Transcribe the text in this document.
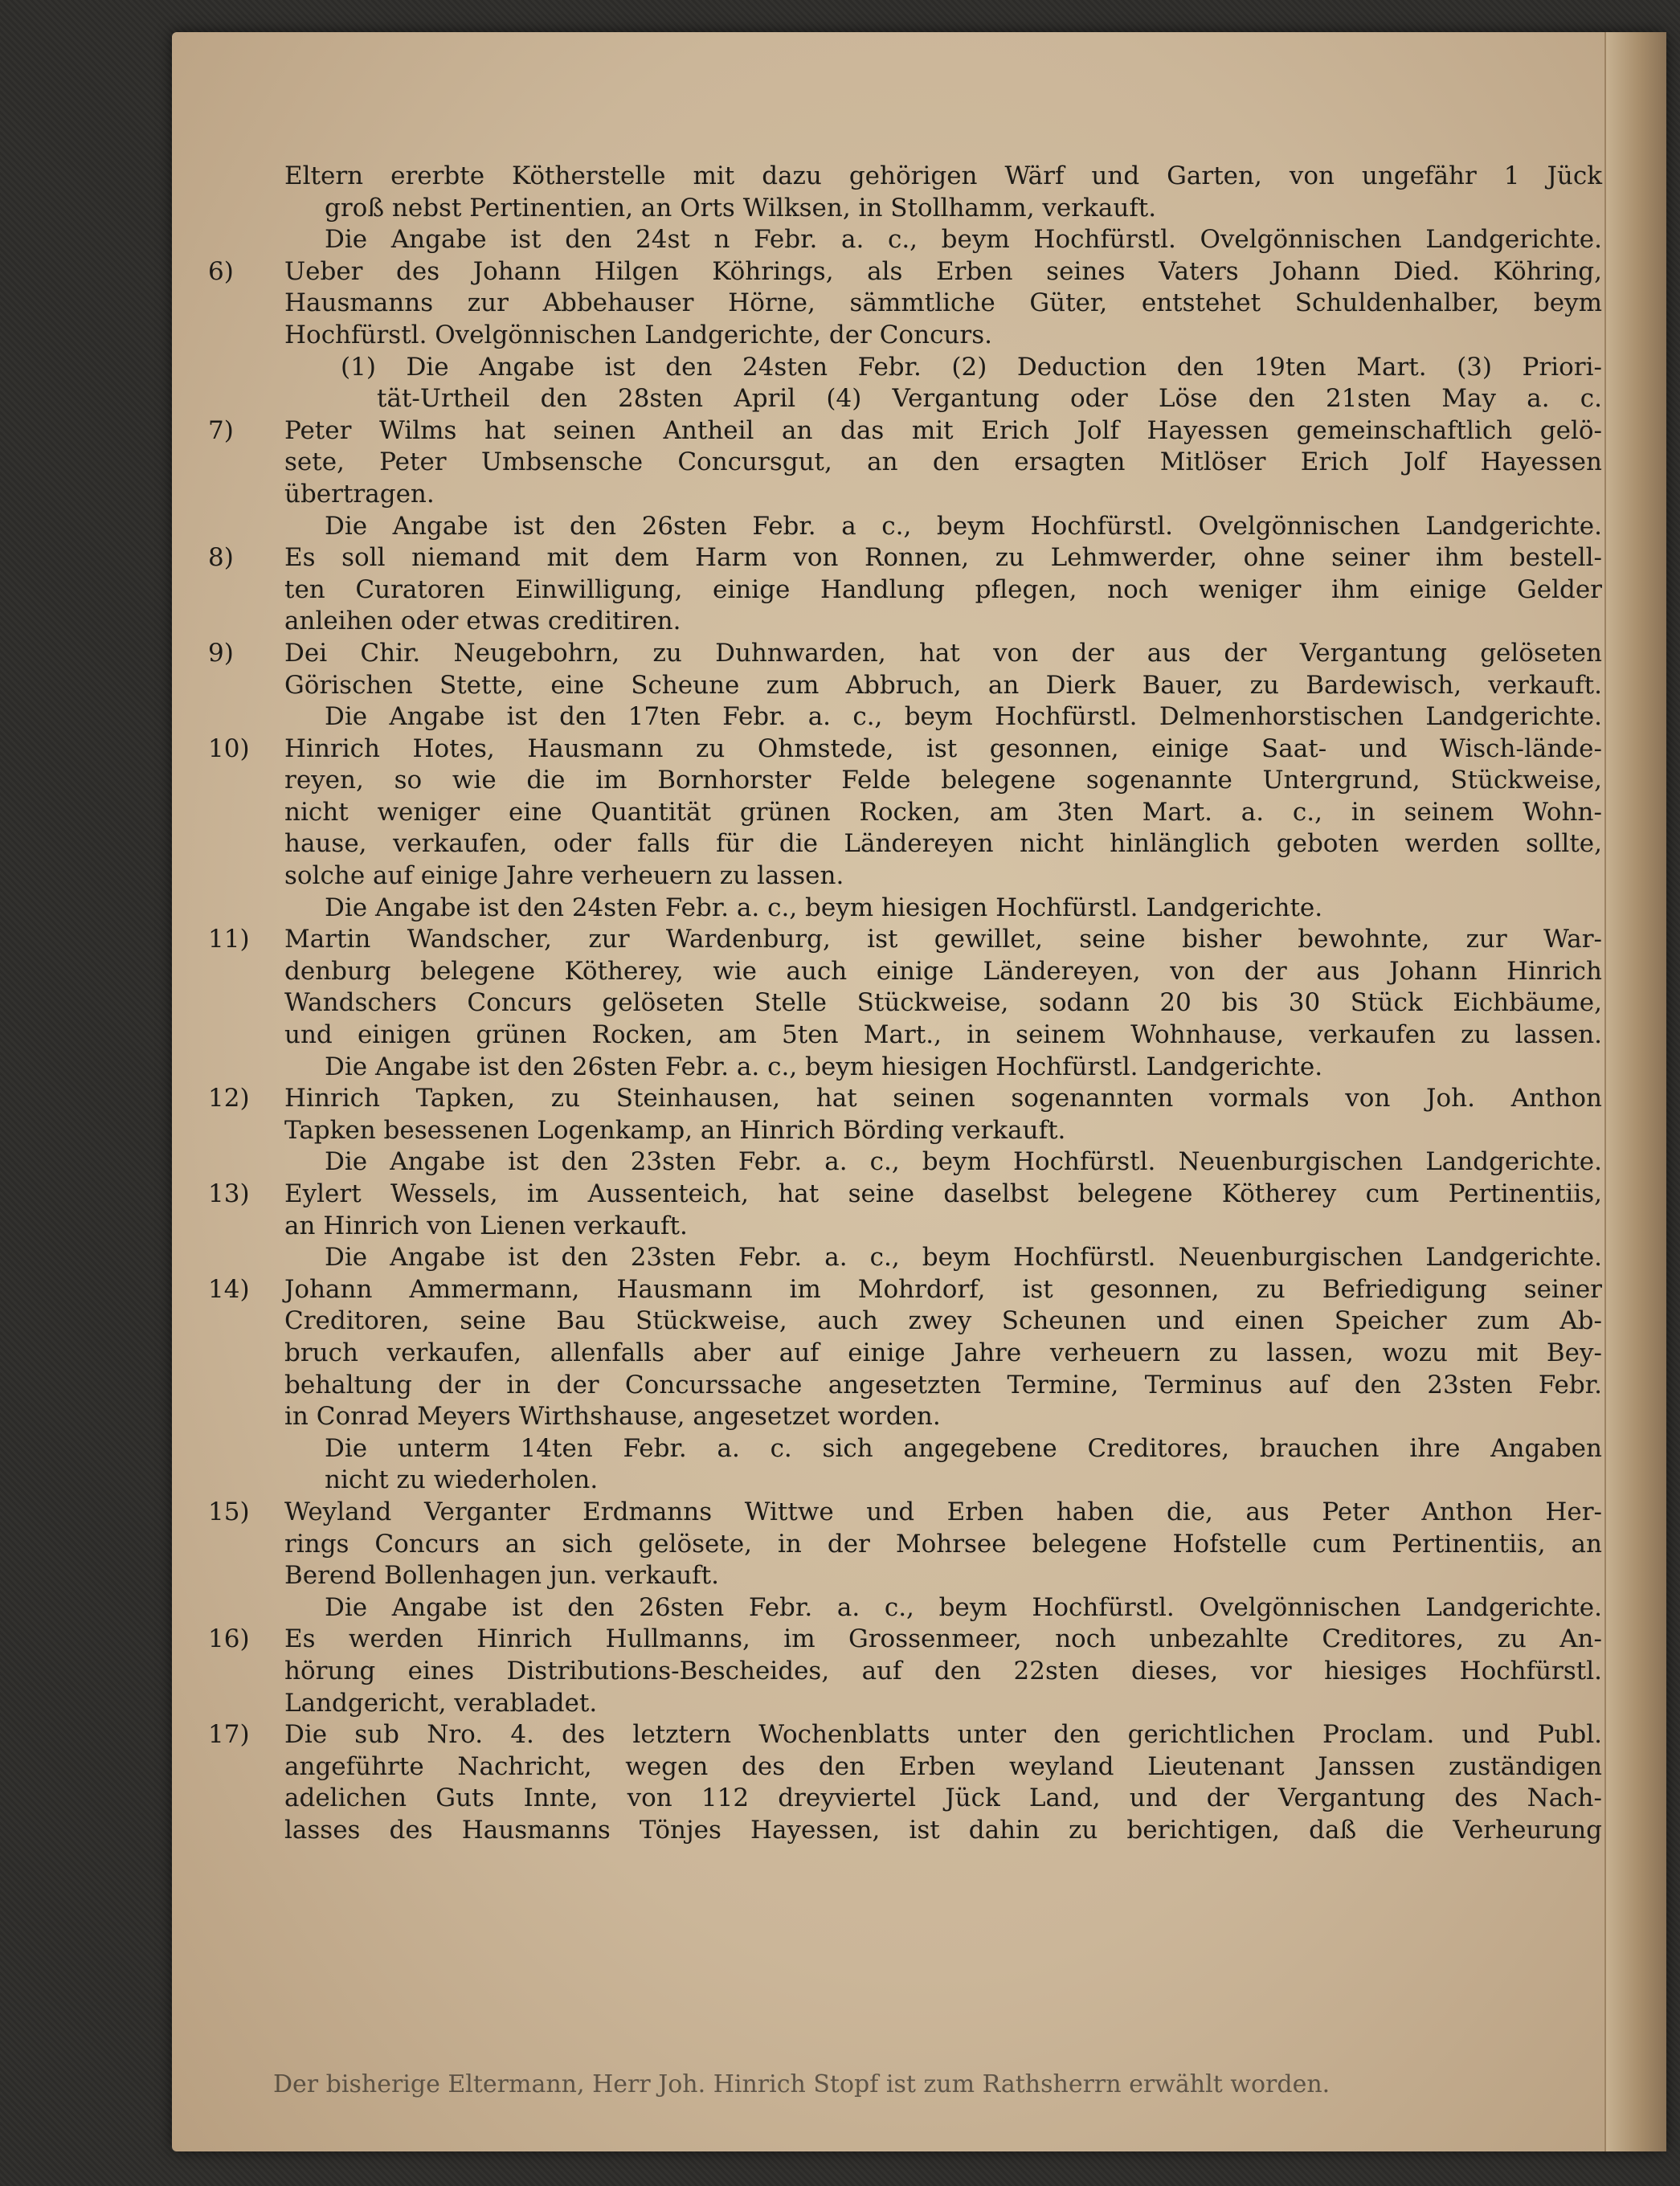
Eltern ererbte Kötherstelle mit dazu gehörigen Wärf und Garten, von ungefähr 1 Jück
groß nebst Pertinentien, an Orts Wilksen, in Stollhamm, verkauft.
Die Angabe ist den 24st n Febr. a. c., beym Hochfürstl. Ovelgönnischen Landgerichte.
6)	Ueber des Johann Hilgen Köhrings, als Erben seines Vaters Johann Died. Köhring,
Hausmanns zur Abbehauser Hörne, sämmtliche Güter, entstehet Schuldenhalber, beym
Hochfürstl. Ovelgönnischen Landgerichte, der Concurs.
(1) Die Angabe ist den 24sten Febr. (2) Deduction den 19ten Mart. (3) Priori-
tät-Urtheil den 28sten April (4) Vergantung oder Löse den 21sten May a. c.
7)	Peter Wilms hat seinen Antheil an das mit Erich Jolf Hayessen gemeinschaftlich gelö-
sete, Peter Umbsensche Concursgut, an den ersagten Mitlöser Erich Jolf Hayessen
übertragen.
Die Angabe ist den 26sten Febr. a c., beym Hochfürstl. Ovelgönnischen Landgerichte.
8)	Es soll niemand mit dem Harm von Ronnen, zu Lehmwerder, ohne seiner ihm bestell-
ten Curatoren Einwilligung, einige Handlung pflegen, noch weniger ihm einige Gelder
anleihen oder etwas creditiren.
9)	Dei Chir. Neugebohrn, zu Duhnwarden, hat von der aus der Vergantung gelöseten
Görischen Stette, eine Scheune zum Abbruch, an Dierk Bauer, zu Bardewisch, verkauft.
Die Angabe ist den 17ten Febr. a. c., beym Hochfürstl. Delmenhorstischen Landgerichte.
10)	Hinrich Hotes, Hausmann zu Ohmstede, ist gesonnen, einige Saat- und Wisch-lände-
reyen, so wie die im Bornhorster Felde belegene sogenannte Untergrund, Stückweise,
nicht weniger eine Quantität grünen Rocken, am 3ten Mart. a. c., in seinem Wohn-
hause, verkaufen, oder falls für die Ländereyen nicht hinlänglich geboten werden sollte,
solche auf einige Jahre verheuern zu lassen.
Die Angabe ist den 24sten Febr. a. c., beym hiesigen Hochfürstl. Landgerichte.
11)	Martin Wandscher, zur Wardenburg, ist gewillet, seine bisher bewohnte, zur War-
denburg belegene Kötherey, wie auch einige Ländereyen, von der aus Johann Hinrich
Wandschers Concurs gelöseten Stelle Stückweise, sodann 20 bis 30 Stück Eichbäume,
und einigen grünen Rocken, am 5ten Mart., in seinem Wohnhause, verkaufen zu lassen.
Die Angabe ist den 26sten Febr. a. c., beym hiesigen Hochfürstl. Landgerichte.
12)	Hinrich Tapken, zu Steinhausen, hat seinen sogenannten vormals von Joh. Anthon
Tapken besessenen Logenkamp, an Hinrich Börding verkauft.
Die Angabe ist den 23sten Febr. a. c., beym Hochfürstl. Neuenburgischen Landgerichte.
13)	Eylert Wessels, im Aussenteich, hat seine daselbst belegene Kötherey cum Pertinentiis,
an Hinrich von Lienen verkauft.
Die Angabe ist den 23sten Febr. a. c., beym Hochfürstl. Neuenburgischen Landgerichte.
14)	Johann Ammermann, Hausmann im Mohrdorf, ist gesonnen, zu Befriedigung seiner
Creditoren, seine Bau Stückweise, auch zwey Scheunen und einen Speicher zum Ab-
bruch verkaufen, allenfalls aber auf einige Jahre verheuern zu lassen, wozu mit Bey-
behaltung der in der Concurssache angesetzten Termine, Terminus auf den 23sten Febr.
in Conrad Meyers Wirthshause, angesetzet worden.
Die unterm 14ten Febr. a. c. sich angegebene Creditores, brauchen ihre Angaben
nicht zu wiederholen.
15)	Weyland Verganter Erdmanns Wittwe und Erben haben die, aus Peter Anthon Her-
rings Concurs an sich gelösete, in der Mohrsee belegene Hofstelle cum Pertinentiis, an
Berend Bollenhagen jun. verkauft.
Die Angabe ist den 26sten Febr. a. c., beym Hochfürstl. Ovelgönnischen Landgerichte.
16)	Es werden Hinrich Hullmanns, im Grossenmeer, noch unbezahlte Creditores, zu An-
hörung eines Distributions-Bescheides, auf den 22sten dieses, vor hiesiges Hochfürstl.
Landgericht, verabladet.
17)	Die sub Nro. 4. des letztern Wochenblatts unter den gerichtlichen Proclam. und Publ.
angeführte Nachricht, wegen des den Erben weyland Lieutenant Janssen zuständigen
adelichen Guts Innte, von 112 dreyviertel Jück Land, und der Vergantung des Nach-
lasses des Hausmanns Tönjes Hayessen, ist dahin zu berichtigen, daß die Verheurung
Der bisherige Eltermann, Herr Joh. Hinrich Stopf ist zum Rathsherrn erwählt worden.
